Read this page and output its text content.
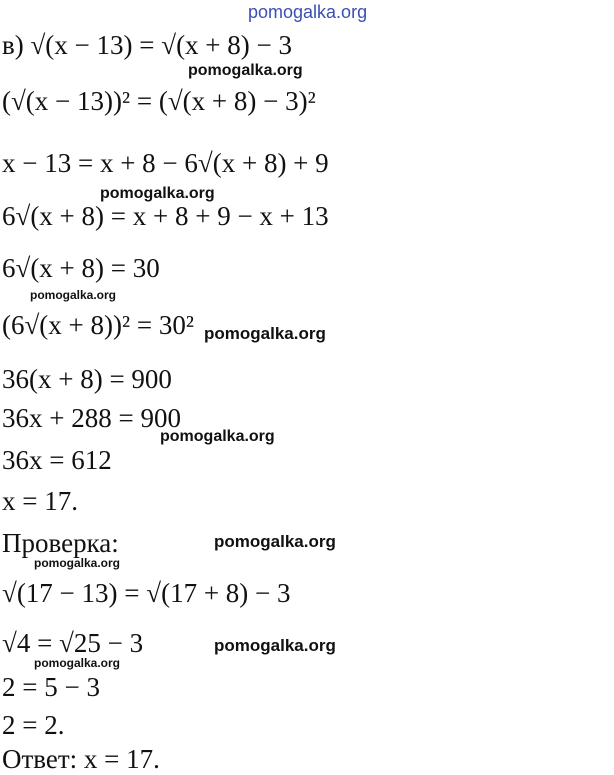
pomogalka.org
в) √(x − 13) = √(x + 8) − 3
pomogalka.org
(√(x − 13))² = (√(x + 8) − 3)²
x − 13 = x + 8 − 6√(x + 8) + 9
pomogalka.org
6√(x + 8) = x + 8 + 9 − x + 13
6√(x + 8) = 30
pomogalka.org
(6√(x + 8))² = 30² pomogalka.org
36(x + 8) = 900
36x + 288 = 900
pomogalka.org
36x = 612
x = 17.
Проверка:	pomogalka.org
pomogalka.org
√(17 − 13) = √(17 + 8) − 3
√4 = √25 − 3	pomogalka.org
pomogalka.org
2 = 5 − 3
2 = 2.
Ответ: x = 17.
